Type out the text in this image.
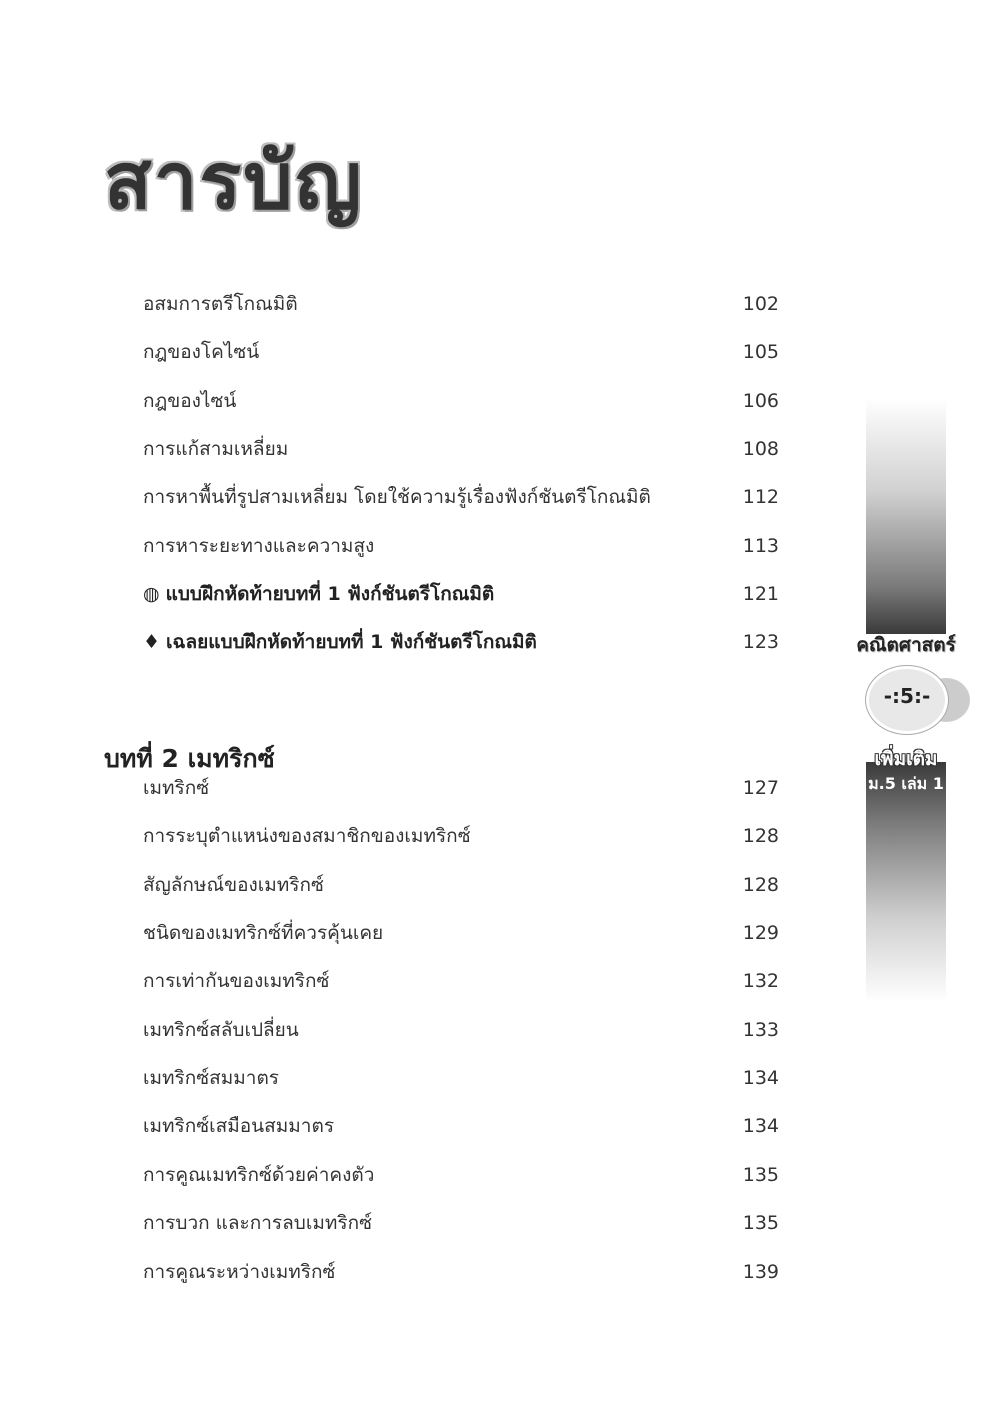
สารบัญ
อสมการตรีโกณมิติ	102
กฎของโคไซน์	105
กฎของไซน์	106
การแก้สามเหลี่ยม	108
การหาพื้นที่รูปสามเหลี่ยม โดยใช้ความรู้เรื่องฟังก์ชันตรีโกณมิติ	112
การหาระยะทางและความสูง	113
◍ แบบฝึกหัดท้ายบทที่ 1 ฟังก์ชันตรีโกณมิติ	121
♦ เฉลยแบบฝึกหัดท้ายบทที่ 1 ฟังก์ชันตรีโกณมิติ	123
เมทริกซ์	127
การระบุตำแหน่งของสมาชิกของเมทริกซ์	128
สัญลักษณ์ของเมทริกซ์	128
ชนิดของเมทริกซ์ที่ควรคุ้นเคย	129
การเท่ากันของเมทริกซ์	132
เมทริกซ์สลับเปลี่ยน	133
เมทริกซ์สมมาตร	134
เมทริกซ์เสมือนสมมาตร	134
การคูณเมทริกซ์ด้วยค่าคงตัว	135
การบวก และการลบเมทริกซ์	135
การคูณระหว่างเมทริกซ์	139
บทที่ 2 เมทริกซ์
คณิตศาสตร์
-:5:-
เพิ่มเติม
ม.5 เล่ม 1
